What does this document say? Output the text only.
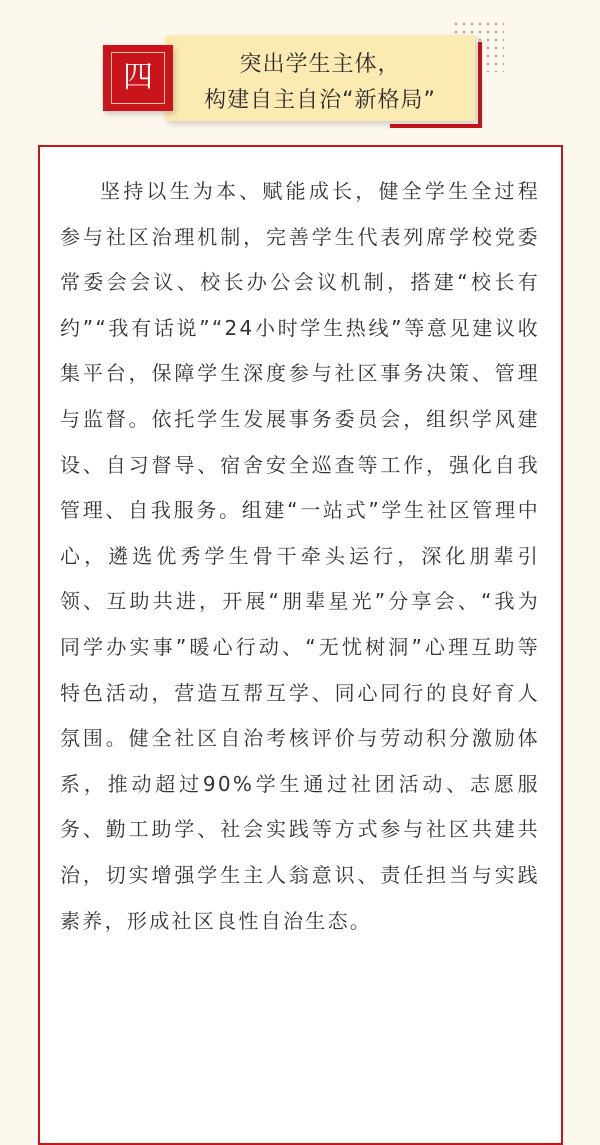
突出学生主体，
构建自主自治“新格局”
四

坚持以生为本、赋能成长，健全学生全过程参与社区治理机制，完善学生代表列席学校党委常委会会议、校长办公会议机制，搭建“校长有约”“我有话说”“24小时学生热线”等意见建议收集平台，保障学生深度参与社区事务决策、管理与监督。依托学生发展事务委员会，组织学风建设、自习督导、宿舍安全巡查等工作，强化自我管理、自我服务。组建“一站式”学生社区管理中心，遴选优秀学生骨干牵头运行，深化朋辈引领、互助共进，开展“朋辈星光”分享会、“我为同学办实事”暖心行动、“无忧树洞”心理互助等特色活动，营造互帮互学、同心同行的良好育人氛围。健全社区自治考核评价与劳动积分激励体系，推动超过90%学生通过社团活动、志愿服务、勤工助学、社会实践等方式参与社区共建共治，切实增强学生主人翁意识、责任担当与实践素养，形成社区良性自治生态。
